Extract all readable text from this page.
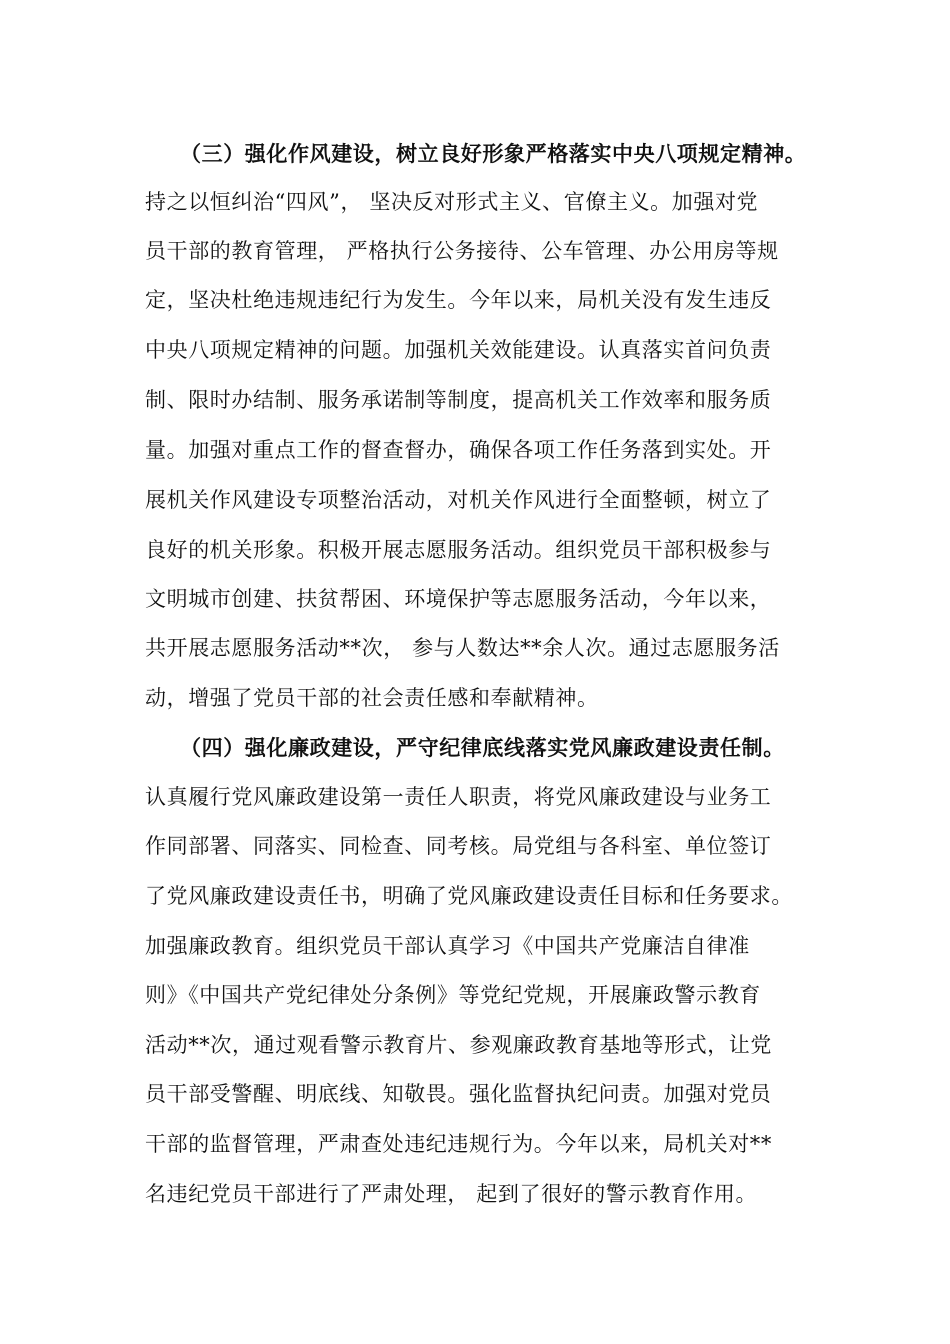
（三）强化作风建设，树立良好形象严格落实中央八项规定精神。
持之以恒纠治“四风”， 坚决反对形式主义、官僚主义。加强对党
员干部的教育管理， 严格执行公务接待、公车管理、办公用房等规
定，坚决杜绝违规违纪行为发生。今年以来，局机关没有发生违反
中央八项规定精神的问题。加强机关效能建设。认真落实首问负责
制、限时办结制、服务承诺制等制度，提高机关工作效率和服务质
量。加强对重点工作的督查督办，确保各项工作任务落到实处。开
展机关作风建设专项整治活动，对机关作风进行全面整顿，树立了
良好的机关形象。积极开展志愿服务活动。组织党员干部积极参与
文明城市创建、扶贫帮困、环境保护等志愿服务活动，今年以来，
共开展志愿服务活动**次， 参与人数达**余人次。通过志愿服务活
动，增强了党员干部的社会责任感和奉献精神。
（四）强化廉政建设，严守纪律底线落实党风廉政建设责任制。
认真履行党风廉政建设第一责任人职责，将党风廉政建设与业务工
作同部署、同落实、同检查、同考核。局党组与各科室、单位签订
了党风廉政建设责任书，明确了党风廉政建设责任目标和任务要求。
加强廉政教育。组织党员干部认真学习《中国共产党廉洁自律准
则》《中国共产党纪律处分条例》等党纪党规，开展廉政警示教育
活动**次，通过观看警示教育片、参观廉政教育基地等形式，让党
员干部受警醒、明底线、知敬畏。强化监督执纪问责。加强对党员
干部的监督管理，严肃查处违纪违规行为。今年以来，局机关对**
名违纪党员干部进行了严肃处理， 起到了很好的警示教育作用。
